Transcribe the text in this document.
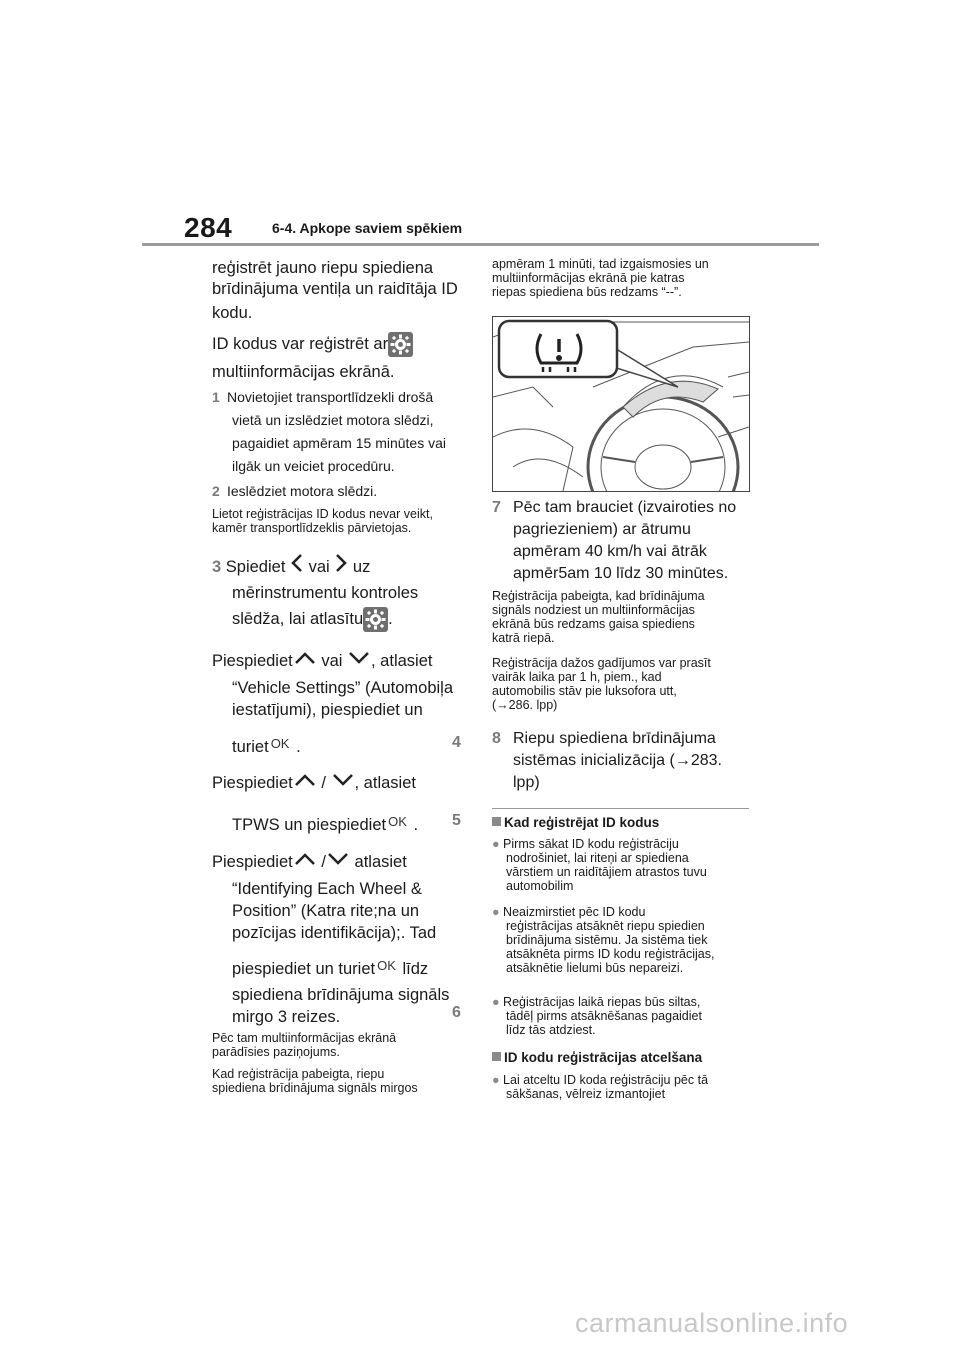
284	6-4. Apkope saviem spēkiem
reģistrēt jauno riepu spiediena
brīdinājuma ventiļa un raidītāja ID
kodu.
ID kodus var reģistrēt ar
multiinformācijas ekrānā.
1 Novietojiet transportlīdzekli drošā
vietā un izslēdziet motora slēdzi,
pagaidiet apmēram 15 minūtes vai
ilgāk un veiciet procedūru.
2 Ieslēdziet motora slēdzi.
Lietot reģistrācijas ID kodus nevar veikt,
kamēr transportlīdzeklis pārvietojas.
3 Spiediet vai uz
mērinstrumentu kontroles
slēdža, lai atlasītu .
Piespiediet vai , atlasiet
“Vehicle Settings” (Automobiļa
iestatījumi), piespiediet un
turiet OK .	4
Piespiediet / , atlasiet
TPWS un piespiediet OK . 5
Piespiediet / atlasiet
“Identifying Each Wheel &
Position” (Katra rite;na un
pozīcijas identifikācija);. Tad
piespiediet un turiet OK līdz
spiediena brīdinājuma signāls
mirgo 3 reizes.	6
Pēc tam multiinformācijas ekrānā
parādīsies paziņojums.
Kad reģistrācija pabeigta, riepu
spiediena brīdinājuma signāls mirgos
apmēram 1 minūti, tad izgaismosies un
multiinformācijas ekrānā pie katras
riepas spiediena būs redzams “--”.
7 Pēc tam brauciet (izvairoties no
pagriezieniem) ar ātrumu
apmēram 40 km/h vai ātrāk
apmēr5am 10 līdz 30 minūtes.
Reģistrācija pabeigta, kad brīdinājuma
signāls nodziest un multiinformācijas
ekrānā būs redzams gaisa spiediens
katrā riepā.
Reģistrācija dažos gadījumos var prasīt
vairāk laika par 1 h, piem., kad
automobilis stāv pie luksofora utt,
(→286. lpp)
8 Riepu spiediena brīdinājuma
sistēmas inicializācija (→283.
lpp)
Kad reģistrējat ID kodus
● Pirms sākat ID kodu reģistrāciju
nodrošiniet, lai riteņi ar spiediena
vārstiem un raidītājiem atrastos tuvu
automobilim
● Neaizmirstiet pēc ID kodu
reģistrācijas atsāknēt riepu spiedien
brīdinājuma sistēmu. Ja sistēma tiek
atsāknēta pirms ID kodu reģistrācijas,
atsāknētie lielumi būs nepareizi.
● Reģistrācijas laikā riepas būs siltas,
tādēļ pirms atsāknēšanas pagaidiet
līdz tās atdziest.
ID kodu reģistrācijas atcelšana
● Lai atceltu ID koda reģistrāciju pēc tā
sākšanas, vēlreiz izmantojiet
carmanualsonline.info
